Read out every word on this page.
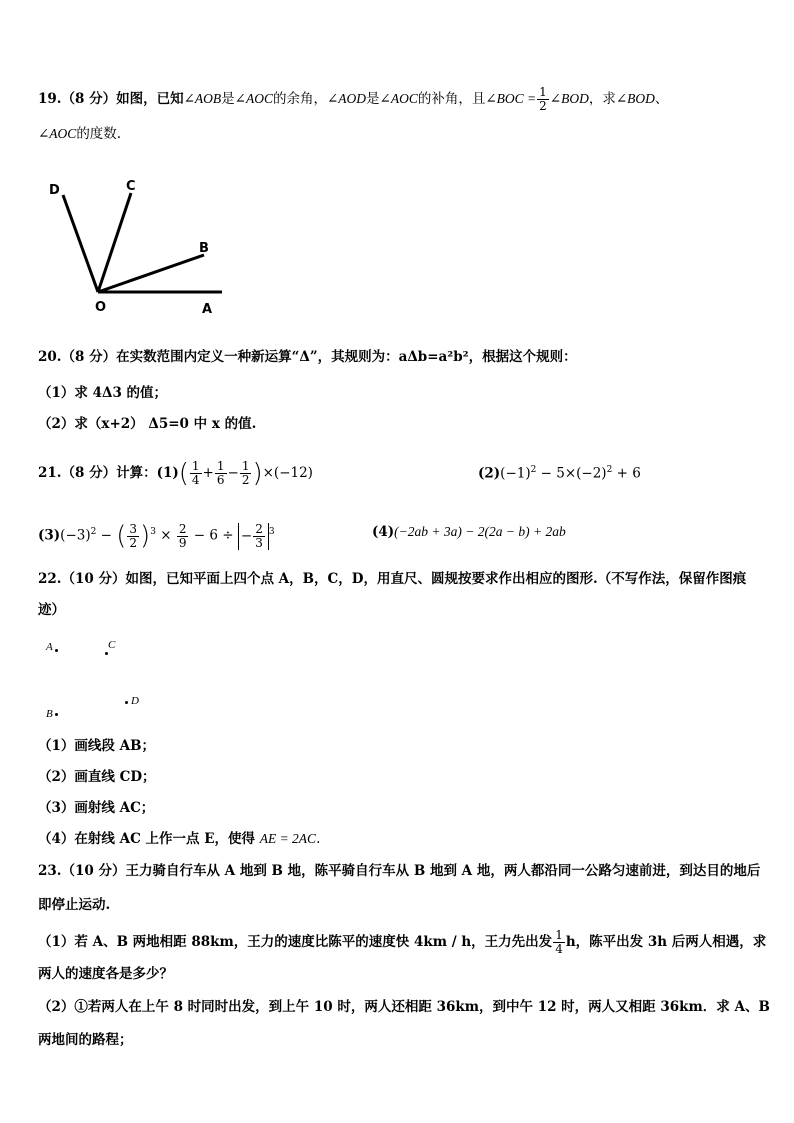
19.（8 分）如图，已知∠AOB是∠AOC的余角，∠AOD是∠AOC的补角，且∠BOC = $\frac{1}{2}$ ∠BOD，求∠BOD、
∠AOC的度数.
D	C
B
O	A
20.（8 分）在实数范围内定义一种新运算“Δ”，其规则为：aΔb=a²b²，根据这个规则：
（1）求 4Δ3 的值；
（2）求（x+2） Δ5=0 中 x 的值.
21.（8 分）计算：$(1)( \frac{1}{4} + \frac{1}{6} - \frac{1}{2} )\times(-12)$	$(2)(-1)^2 - 5\times(-2)^2 + 6$
$(3)(-3)^2$ − ( $\frac{3}{2} )^3 \times \frac{2}{9} - 6$ ÷ − $\frac{2}{3} ^3$	(4)(−2ab + 3a) − 2(2a − b) + 2ab
22.（10 分）如图，已知平面上四个点 A，B，C，D，用直尺、圆规按要求作出相应的图形.（不写作法，保留作图痕
迹）
A	C
D
B
（1）画线段 AB；
（2）画直线 CD；
（3）画射线 AC；
（4）在射线 AC 上作一点 E，使得 AE = 2AC.
23.（10 分）王力骑自行车从 A 地到 B 地，陈平骑自行车从 B 地到 A 地，两人都沿同一公路匀速前进，到达目的地后
即停止运动.
（1）若 A、B 两地相距 88km，王力的速度比陈平的速度快 4km / h，王力先出发 $\frac{1}{4}$ h，陈平出发 3h 后两人相遇，求
两人的速度各是多少？
（2）①若两人在上午 8 时同时出发，到上午 10 时，两人还相距 36km，到中午 12 时，两人又相距 36km．求 A、B
两地间的路程；
